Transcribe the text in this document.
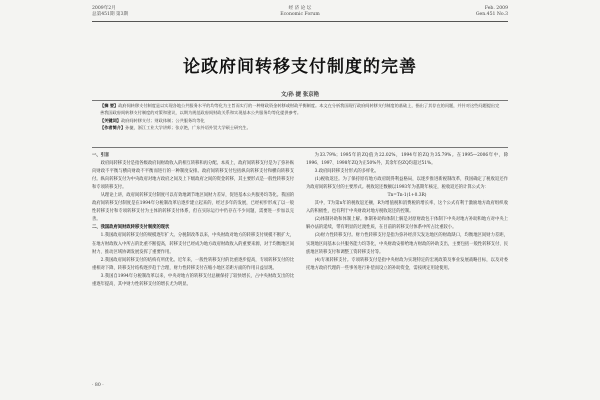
2009年2月
总第451期 第3期
经 济 论 坛
Economic Forum
Feb. 2009
Gen.451 No.3
论政府间转移支付制度的完善
文/孙 捷 张京艳

【摘 要】政府间转移支付制度是以实现各地公共服务水平的均等化为主旨而实行的一种财政资金转移或财政平衡制度。本文在分析我国现行政府间转移支付制度的基础上，指出了其存在的问题，并针对这些问题提出完善我国政府间转移支付制度的对策和建议，以期为规范政府间财政关系和实现基本公共服务均等化提供参考。

【关键词】政府间转移支付；财政体制；公共服务均等化

【作者简介】孙捷，浙江工业大学讲师；张京艳，广东外语外贸大学硕士研究生。

一、引言

政府间转移支付是指各级政府间财政收入的相互转移和再分配。本质上，政府间转移支付是为了弥补纵向财政不平衡与横向财政不平衡而进行的一种制度安排。政府间转移支付包括纵向转移支付和横向转移支付。纵向转移支付为中央政府对地方政府之间及上下级政府之间的资金转移，其主要形式是一般性转移支付和专项转移支付。

从理论上讲，政府间转移支付制度可以有效地调节地区间财力差异，促进基本公共服务均等化。我国的政府间转移支付制度是在1994年分税制改革后逐步建立起来的，经过多年的发展，已经初步形成了以一般性转移支付和专项转移支付为主体的转移支付体系，但在实际运行中仍存在不少问题，需要进一步加以完善。

二、我国政府间财政转移支付制度的现状

1.我国政府间转移支付的规模逐年扩大。分税制改革以来，中央财政对地方的转移支付规模不断扩大，在地方财政收入中所占的比重不断提高，转移支付已经成为地方政府财政收入的重要来源，对于均衡地区间财力、推动区域协调发展发挥了重要作用。

2.我国政府间转移支付的结构有所优化。近年来，一般性转移支付的比重逐步提高，专项转移支付的比重相对下降，转移支付结构逐步趋于合理，财力性转移支付在缩小地区差距方面的作用日益显现。

3.我国自1994年分税制改革以来，中央对地方的转移支付总额保持了较快增长，占中央财政支出的比重逐年提高，其中财力性转移支付的增长尤为明显。

为33.79%；1995年的ZQ值为22.02%，1994年的ZQ为35.79%。在1995—2006年中，除1996、1997、1998年ZQ为正50%外，其余年份ZQ均超过51%。

3.政府间转移支付形式的多样化。

(1)税收返还。为了保持原有地方政府既得利益格局，以逐步推进新税制改革，我国确定了税收返还作为政府间转移支付的主要形式。税收返还数额以1993年为基期年核定，税收返还的计算公式为：

Tn=Tn-1(1+0.3R)

其中，T为第n年的税收返还额，R为增值税和消费税的增长率，这个公式有利于激励地方政府组织收入的积极性，也有利于中央财政对地方税收返还的控制。

(2)体制补助和体制上解。体制补助和体制上解是对原财政包干体制下中央对地方补助和地方对中央上解办法的延续，带有明显的过渡性质，在目前的转移支付体系中所占比重较小。

(3)财力性转移支付。财力性转移支付是指为弥补经济欠发达地区的财政缺口，均衡地区间财力差距，实现地区间基本公共服务能力均等化，中央财政安排给地方财政的补助支出，主要包括一般性转移支付、民族地区转移支付和调整工资转移支付等。

(4)专项转移支付。专项转移支付是指中央财政为实现特定的宏观政策及事业发展战略目标，以及对委托地方政府代理的一些事务进行补偿而设立的补助资金，需按规定用途使用。

· 80 ·
